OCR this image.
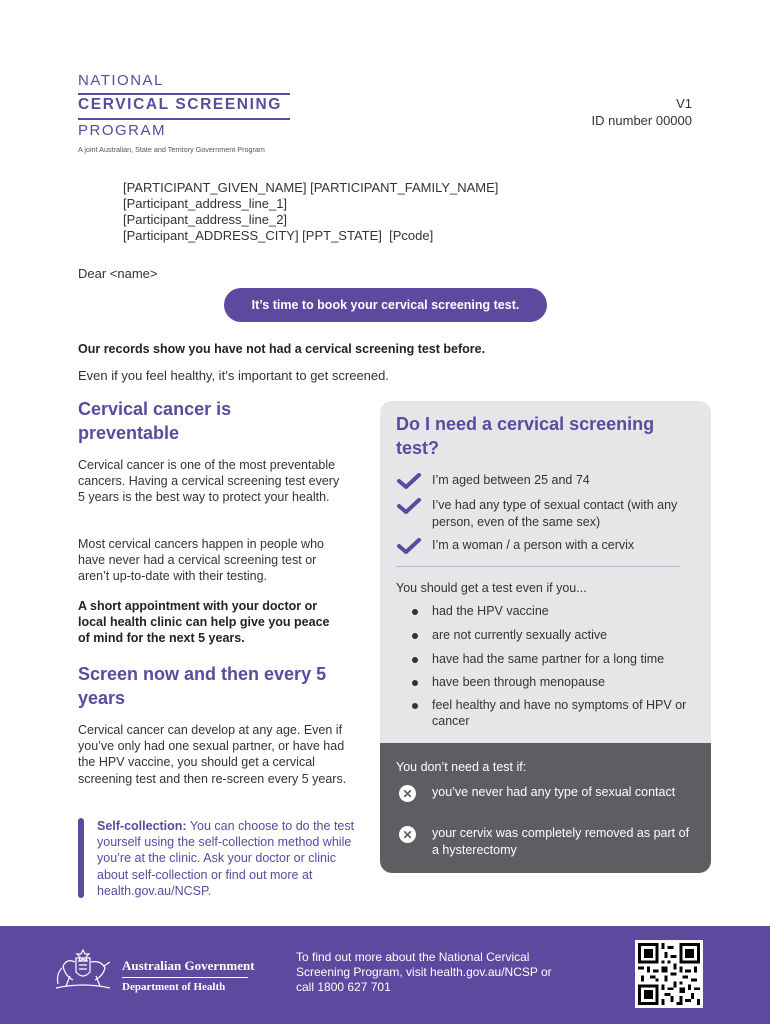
NATIONAL
CERVICAL SCREENING
PROGRAM
A joint Australian, State and Territory Government Program
V1
ID number 00000
[PARTICIPANT_GIVEN_NAME] [PARTICIPANT_FAMILY_NAME]
[Participant_address_line_1]
[Participant_address_line_2]
[Participant_ADDRESS_CITY] [PPT_STATE]  [Pcode]
Dear <name>
It’s time to book your cervical screening test.
Our records show you have not had a cervical screening test before.
Even if you feel healthy, it’s important to get screened.
Cervical cancer is preventable
Cervical cancer is one of the most preventable cancers. Having a cervical screening test every 5 years is the best way to protect your health.
Most cervical cancers happen in people who have never had a cervical screening test or aren’t up-to-date with their testing.
A short appointment with your doctor or local health clinic can help give you peace of mind for the next 5 years.
Screen now and then every 5 years
Cervical cancer can develop at any age. Even if you’ve only had one sexual partner, or have had the HPV vaccine, you should get a cervical screening test and then re-screen every 5 years.
Self-collection: You can choose to do the test yourself using the self-collection method while you’re at the clinic. Ask your doctor or clinic about self-collection or find out more at health.gov.au/NCSP.
Do I need a cervical screening test?
I’m aged between 25 and 74
I’ve had any type of sexual contact (with any person, even of the same sex)
I’m a woman / a person with a cervix
You should get a test even if you...
had the HPV vaccine
are not currently sexually active
have had the same partner for a long time
have been through menopause
feel healthy and have no symptoms of HPV or cancer
You don’t need a test if:
✕ you’ve never had any type of sexual contact
✕ your cervix was completely removed as part of a hysterectomy
Australian Government
Department of Health
To find out more about the National Cervical Screening Program, visit health.gov.au/NCSP or call 1800 627 701
